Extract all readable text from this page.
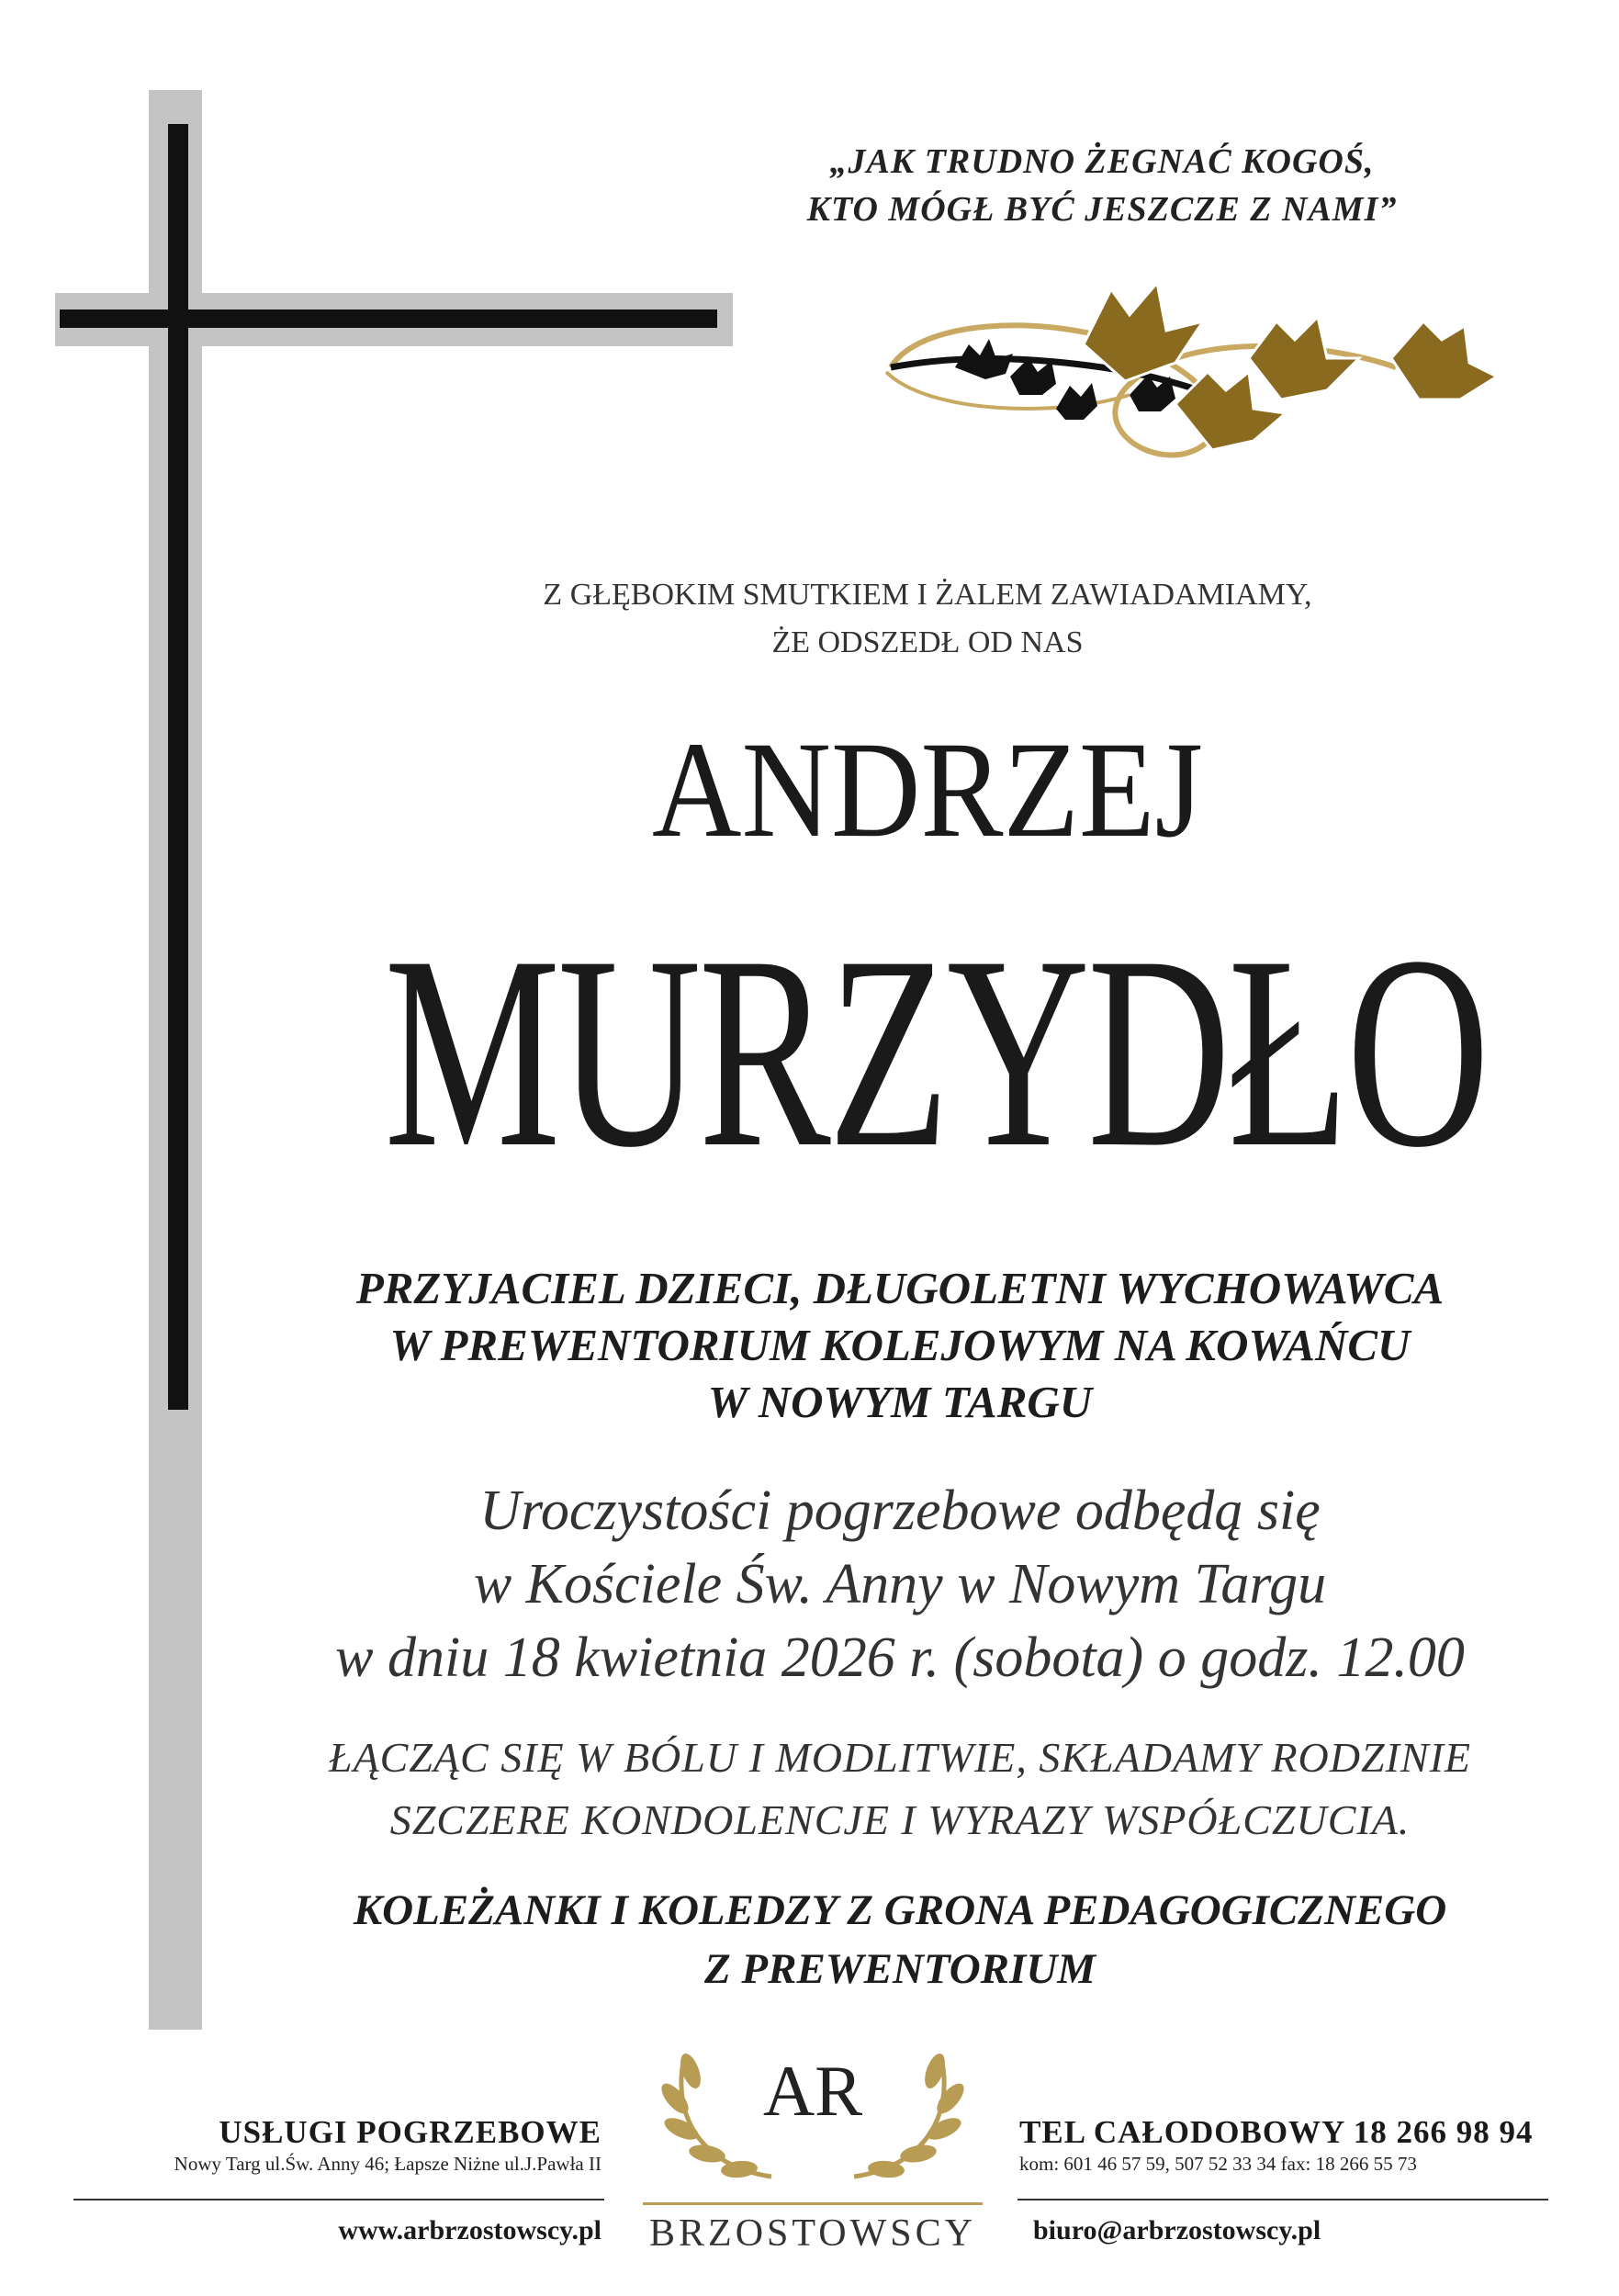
„JAK TRUDNO ŻEGNAĆ KOGOŚ,
KTO MÓGŁ BYĆ JESZCZE Z NAMI”
Z GŁĘBOKIM SMUTKIEM I ŻALEM ZAWIADAMIAMY,
ŻE ODSZEDŁ OD NAS
ANDRZEJ
MURZYDŁO
PRZYJACIEL DZIECI, DŁUGOLETNI WYCHOWAWCA
W PREWENTORIUM KOLEJOWYM NA KOWAŃCU
W NOWYM TARGU
Uroczystości pogrzebowe odbędą się
w Kościele Św. Anny w Nowym Targu
w dniu 18 kwietnia 2026 r. (sobota) o godz. 12.00
ŁĄCZĄC SIĘ W BÓLU I MODLITWIE, SKŁADAMY RODZINIE
SZCZERE KONDOLENCJE I WYRAZY WSPÓŁCZUCIA.
KOLEŻANKI I KOLEDZY Z GRONA PEDAGOGICZNEGO
Z PREWENTORIUM
USŁUGI POGRZEBOWE
Nowy Targ ul.Św. Anny 46; Łapsze Niżne ul.J.Pawła II
www.arbrzostowscy.pl
AR
BRZOSTOWSCY
TEL CAŁODOBOWY 18 266 98 94
kom: 601 46 57 59, 507 52 33 34 fax: 18 266 55 73
biuro@arbrzostowscy.pl
